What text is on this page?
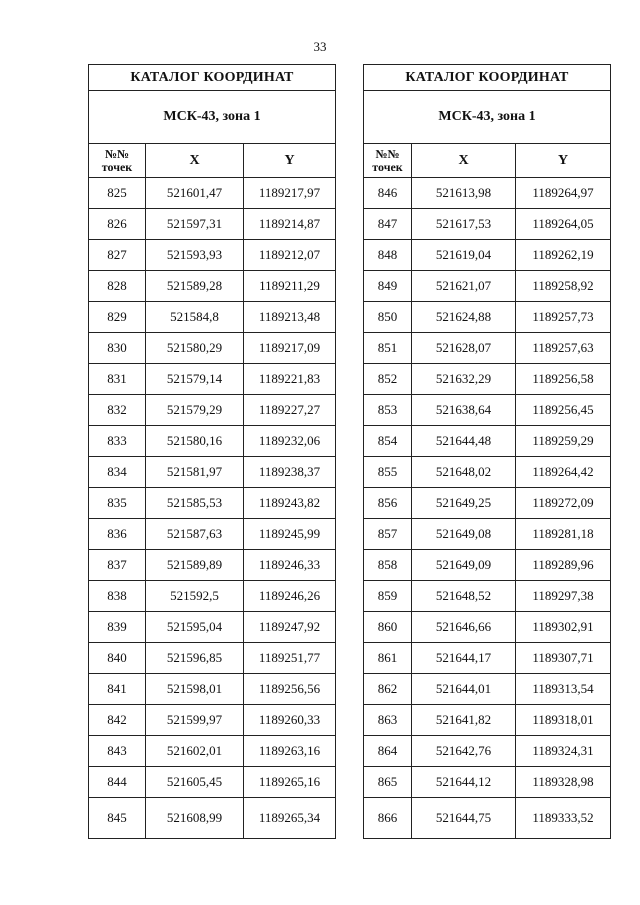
33
КАТАЛОГ КООРДИНАТ		
МСК-43, зона 1		

№№
точек	X	Y
825	521601,47	1189217,97
826	521597,31	1189214,87
827	521593,93	1189212,07
828	521589,28	1189211,29
829	521584,8	1189213,48
830	521580,29	1189217,09
831	521579,14	1189221,83
832	521579,29	1189227,27
833	521580,16	1189232,06
834	521581,97	1189238,37
835	521585,53	1189243,82
836	521587,63	1189245,99
837	521589,89	1189246,33
838	521592,5	1189246,26
839	521595,04	1189247,92
840	521596,85	1189251,77
841	521598,01	1189256,56
842	521599,97	1189260,33
843	521602,01	1189263,16
844	521605,45	1189265,16
845	521608,99	1189265,34
КАТАЛОГ КООРДИНАТ		
МСК-43, зона 1		

№№
точек	X	Y
846	521613,98	1189264,97
847	521617,53	1189264,05
848	521619,04	1189262,19
849	521621,07	1189258,92
850	521624,88	1189257,73
851	521628,07	1189257,63
852	521632,29	1189256,58
853	521638,64	1189256,45
854	521644,48	1189259,29
855	521648,02	1189264,42
856	521649,25	1189272,09
857	521649,08	1189281,18
858	521649,09	1189289,96
859	521648,52	1189297,38
860	521646,66	1189302,91
861	521644,17	1189307,71
862	521644,01	1189313,54
863	521641,82	1189318,01
864	521642,76	1189324,31
865	521644,12	1189328,98
866	521644,75	1189333,52
